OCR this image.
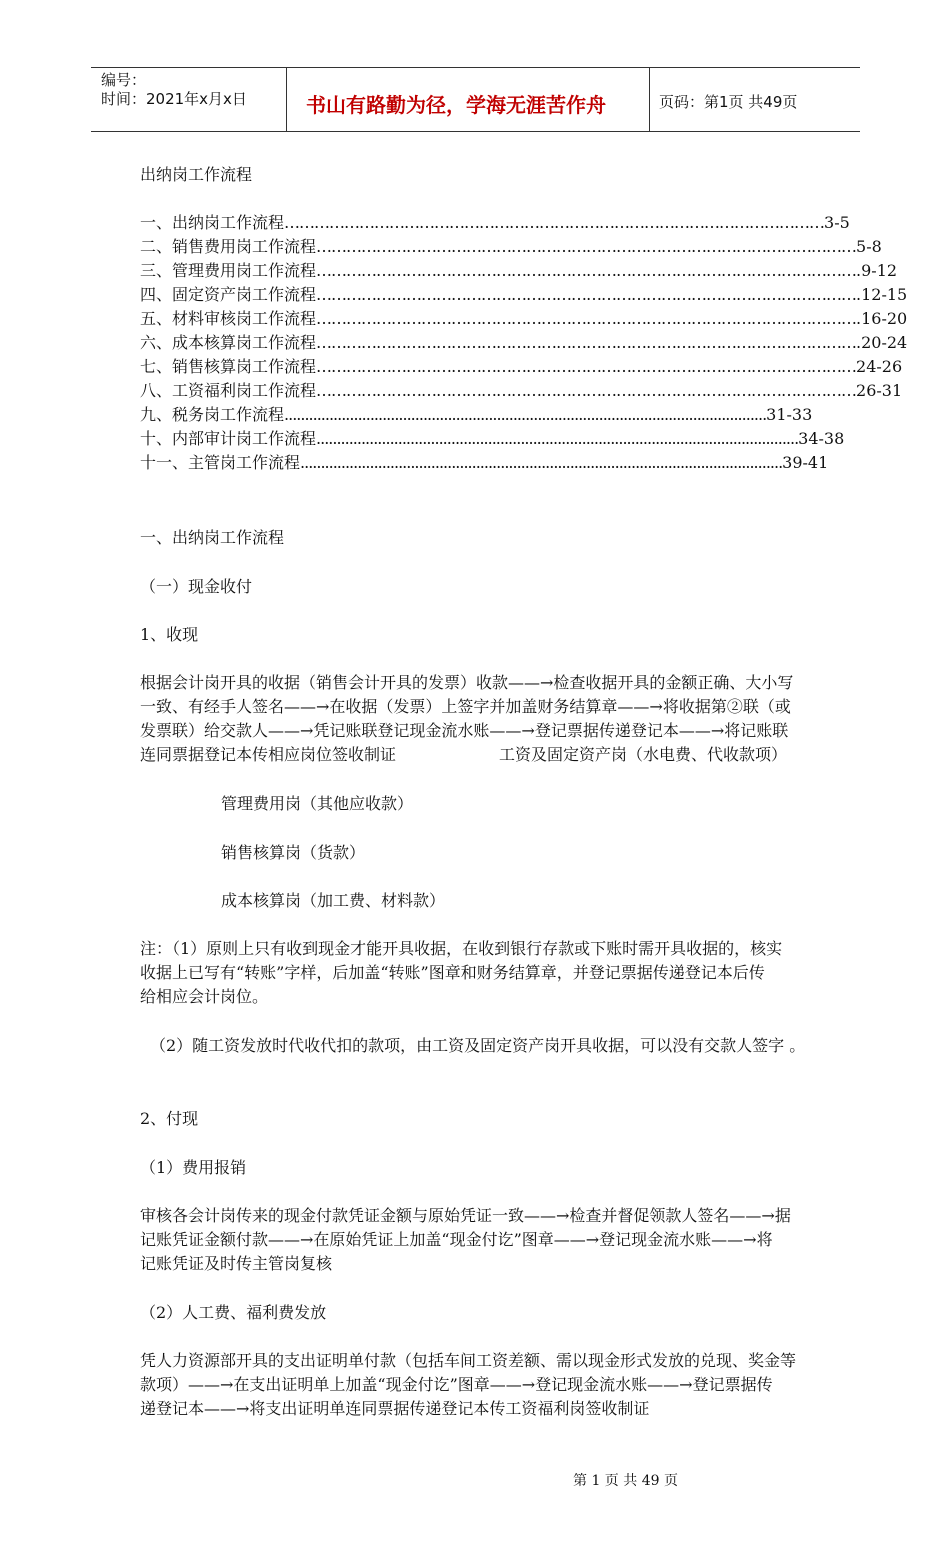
编号：
时间：2021年x月x日	书山有路勤为径，学海无涯苦作舟	页码：第1页 共49页
出纳岗工作流程
一、出纳岗工作流程 ……………………………………………………………………………………………… 3-5
二、销售费用岗工作流程 ……………………………………………………………………………………………… 5-8
三、管理费用岗工作流程 ……………………………………………………………………………………………… .9-12
四、固定资产岗工作流程 ……………………………………………………………………………………………… .12-15
五、材料审核岗工作流程 ……………………………………………………………………………………………… .16-20
六、成本核算岗工作流程 ……………………………………………………………………………………………… .20-24
七、销售核算岗工作流程 ……………………………………………………………………………………………… 24-26
八、工资福利岗工作流程 ……………………………………………………………………………………………… 26-31
九、税务岗工作流程 ...................................................................................................................... 31-33
十、内部审计岗工作流程 ...................................................................................................................... 34-38
十一、主管岗工作流程 ...................................................................................................................... 39-41
一、出纳岗工作流程
（一）现金收付
1、收现
根据会计岗开具的收据（销售会计开具的发票）收款——→检查收据开具的金额正确、大小写
一致、有经手人签名——→在收据（发票）上签字并加盖财务结算章——→将收据第②联（或
发票联）给交款人——→凭记账联登记现金流水账——→登记票据传递登记本——→将记账联
连同票据登记本传相应岗位签收制证	工资及固定资产岗（水电费、代收款项）
管理费用岗（其他应收款）
销售核算岗（货款）
成本核算岗（加工费、材料款）
注：（1）原则上只有收到现金才能开具收据，在收到银行存款或下账时需开具收据的，核实
收据上已写有“转账”字样，后加盖“转账”图章和财务结算章，并登记票据传递登记本后传
给相应会计岗位。
（2）随工资发放时代收代扣的款项，由工资及固定资产岗开具收据，可以没有交款人签字 。
2、付现
（1）费用报销
审核各会计岗传来的现金付款凭证金额与原始凭证一致——→检查并督促领款人签名——→据
记账凭证金额付款——→在原始凭证上加盖“现金付讫”图章——→登记现金流水账——→将
记账凭证及时传主管岗复核
（2）人工费、福利费发放
凭人力资源部开具的支出证明单付款（包括车间工资差额、需以现金形式发放的兑现、奖金等
款项）——→在支出证明单上加盖“现金付讫”图章——→登记现金流水账——→登记票据传
递登记本——→将支出证明单连同票据传递登记本传工资福利岗签收制证
第 1 页 共 49 页
